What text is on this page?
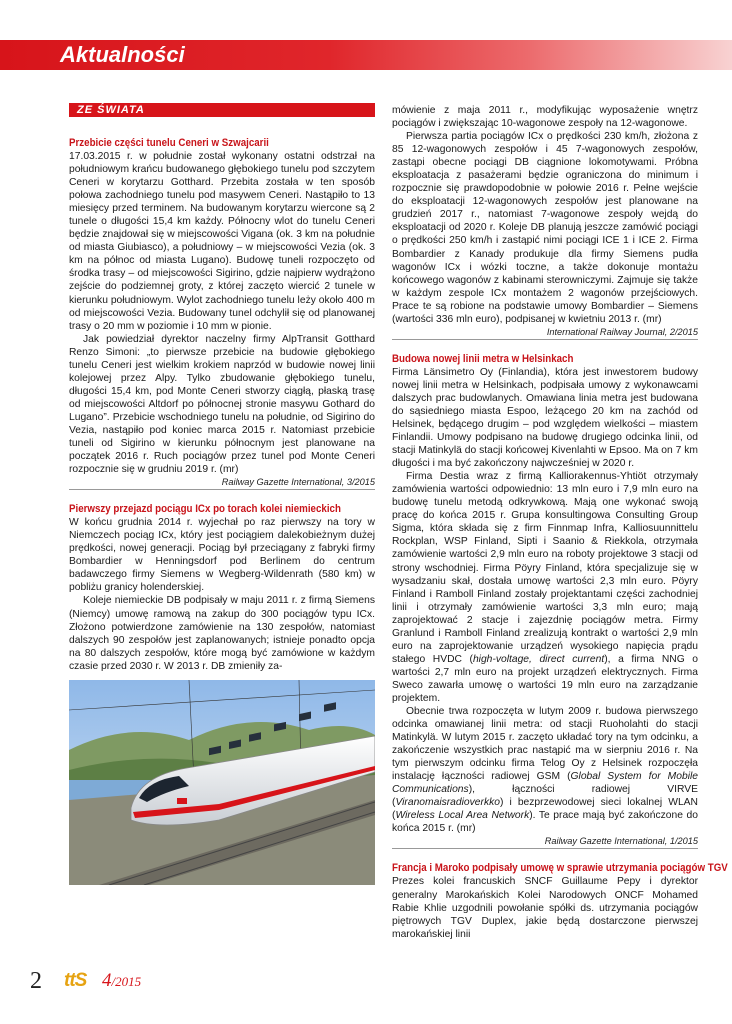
Aktualności
ZE ŚWIATA
Przebicie części tunelu Ceneri w Szwajcarii

17.03.2015 r. w południe został wykonany ostatni odstrzał na południowym krańcu budowanego głębokiego tunelu pod szczytem Ceneri w korytarzu Gotthard. Przebita została w ten sposób połowa zachodniego tunelu pod masywem Ceneri. Nastąpiło to 13 miesięcy przed terminem. Na budowanym korytarzu wiercone są 2 tunele o długości 15,4 km każdy. Północny wlot do tunelu Ceneri będzie znajdował się w miejscowości Vigana (ok. 3 km na południe od miasta Giubiasco), a południowy – w miejscowości Vezia (ok. 3 km na północ od miasta Lugano). Budowę tuneli rozpoczęto od środka trasy – od miejscowości Sigirino, gdzie najpierw wydrążono zejście do podziemnej groty, z której zaczęto wiercić 2 tunele w kierunku południowym. Wylot zachodniego tunelu leży około 400 m od miejscowości Vezia. Budowany tunel odchylił się od planowanej trasy o 20 mm w poziomie i 10 mm w pionie.

Jak powiedział dyrektor naczelny firmy AlpTransit Gotthard Renzo Simoni: „to pierwsze przebicie na budowie głębokiego tunelu Ceneri jest wielkim krokiem naprzód w budowie nowej linii kolejowej przez Alpy. Tylko zbudowanie głębokiego tunelu, długości 15,4 km, pod Monte Ceneri stworzy ciągłą, płaską trasę od miejscowości Altdorf po północnej stronie masywu Gothard do Lugano”. Przebicie wschodniego tunelu na południe, od Sigirino do Vezia, nastąpiło pod koniec marca 2015 r. Natomiast przebicie tuneli od Sigirino w kierunku północnym jest planowane na początek 2016 r. Ruch pociągów przez tunel pod Monte Ceneri rozpocznie się w grudniu 2019 r. (mr)

Railway Gazette International, 3/2015
Pierwszy przejazd pociągu ICx po torach kolei niemieckich

W końcu grudnia 2014 r. wyjechał po raz pierwszy na tory w Niemczech pociąg ICx, który jest pociągiem dalekobieżnym dużej prędkości, nowej generacji. Pociąg był przeciągany z fabryki firmy Bombardier w Henningsdorf pod Berlinem do centrum badawczego firmy Siemens w Wegberg-Wildenrath (580 km) w pobliżu granicy holenderskiej.

Koleje niemieckie DB podpisały w maju 2011 r. z firmą Siemens (Niemcy) umowę ramową na zakup do 300 pociągów typu ICx. Złożono potwierdzone zamówienie na 130 zespołów, natomiast dalszych 90 zespołów jest zaplanowanych; istnieje ponadto opcja na 80 dalszych zespołów, które mogą być zamówione w każdym czasie przed 2030 r. W 2013 r. DB zmieniły za-

mówienie z maja 2011 r., modyfikując wyposażenie wnętrz pociągów i zwiększając 10-wagonowe zespoły na 12-wagonowe.

Pierwsza partia pociągów ICx o prędkości 230 km/h, złożona z 85 12-wagonowych zespołów i 45 7-wagonowych zespołów, zastąpi obecne pociągi DB ciągnione lokomotywami. Próbna eksploatacja z pasażerami będzie ograniczona do minimum i rozpocznie się prawdopodobnie w połowie 2016 r. Pełne wejście do eksploatacji 12-wagonowych zespołów jest planowane na grudzień 2017 r., natomiast 7-wagonowe zespoły wejdą do eksploatacji od 2020 r. Koleje DB planują jeszcze zamówić pociągi o prędkości 250 km/h i zastąpić nimi pociągi ICE 1 i ICE 2. Firma Bombardier z Kanady produkuje dla firmy Siemens pudła wagonów ICx i wózki toczne, a także dokonuje montażu końcowego wagonów z kabinami sterowniczymi. Zajmuje się także w każdym zespole ICx montażem 2 wagonów przejściowych. Prace te są robione na podstawie umowy Bombardier – Siemens (wartości 336 mln euro), podpisanej w kwietniu 2013 r. (mr)

International Railway Journal, 2/2015
Budowa nowej linii metra w Helsinkach

Firma Länsimetro Oy (Finlandia), która jest inwestorem budowy nowej linii metra w Helsinkach, podpisała umowy z wykonawcami dalszych prac budowlanych. Omawiana linia metra jest budowana do sąsiedniego miasta Espoo, leżącego 20 km na zachód od Helsinek, będącego drugim – pod względem wielkości – miastem Finlandii. Umowy podpisano na budowę drugiego odcinka linii, od stacji Matinkylä do stacji końcowej Kivenlahti w Epsoo. Ma on 7 km długości i ma być zakończony najwcześniej w 2020 r.

Firma Destia wraz z firmą Kalliorakennus-Yhtiöt otrzymały zamówienia wartości odpowiednio: 13 mln euro i 7,9 mln euro na budowę tunelu metodą odkrywkową. Mają one wykonać swoją pracę do końca 2015 r. Grupa konsultingowa Consulting Group Sigma, która składa się z firm Finnmap Infra, Kalliosuunnittelu Rockplan, WSP Finland, Sipti i Saanio & Riekkola, otrzymała zamówienie wartości 2,9 mln euro na roboty projektowe 3 stacji od strony wschodniej. Firma Pöyry Finland, która specjalizuje się w wysadzaniu skał, dostała umowę wartości 2,3 mln euro. Pöyry Finland i Ramboll Finland zostały projektantami części zachodniej linii i otrzymały zamówienie wartości 3,3 mln euro; mają zaprojektować 2 stacje i zajezdnię pociągów metra. Firmy Granlund i Ramboll Finland zrealizują kontrakt o wartości 2,9 mln euro na zaprojektowanie urządzeń wysokiego napięcia prądu stałego HVDC (high-voltage, direct current), a firma NNG o wartości 2,7 mln euro na projekt urządzeń elektrycznych. Firma Sweco zawarła umowę o wartości 19 mln euro na zarządzanie projektem.

Obecnie trwa rozpoczęta w lutym 2009 r. budowa pierwszego odcinka omawianej linii metra: od stacji Ruoholahti do stacji Matinkylä. W lutym 2015 r. zaczęto układać tory na tym odcinku, a zakończenie wszystkich prac nastąpić ma w sierpniu 2016 r. Na tym pierwszym odcinku firma Telog Oy z Helsinek rozpoczęła instalację łączności radiowej GSM (Global System for Mobile Communications), łączności radiowej VIRVE (Viranomaisradioverkko) i bezprzewodowej sieci lokalnej WLAN (Wireless Local Area Network). Te prace mają być zakończone do końca 2015 r. (mr)

Railway Gazette International, 1/2015
Francja i Maroko podpisały umowę w sprawie utrzymania pociągów TGV

Prezes kolei francuskich SNCF Guillaume Pepy i dyrektor generalny Marokańskich Kolei Narodowych ONCF Mohamed Rabie Khlie uzgodnili powołanie spółki ds. utrzymania pociągów piętrowych TGV Duplex, jakie będą dostarczone pierwszej marokańskiej linii

2 ttS 4/2015
